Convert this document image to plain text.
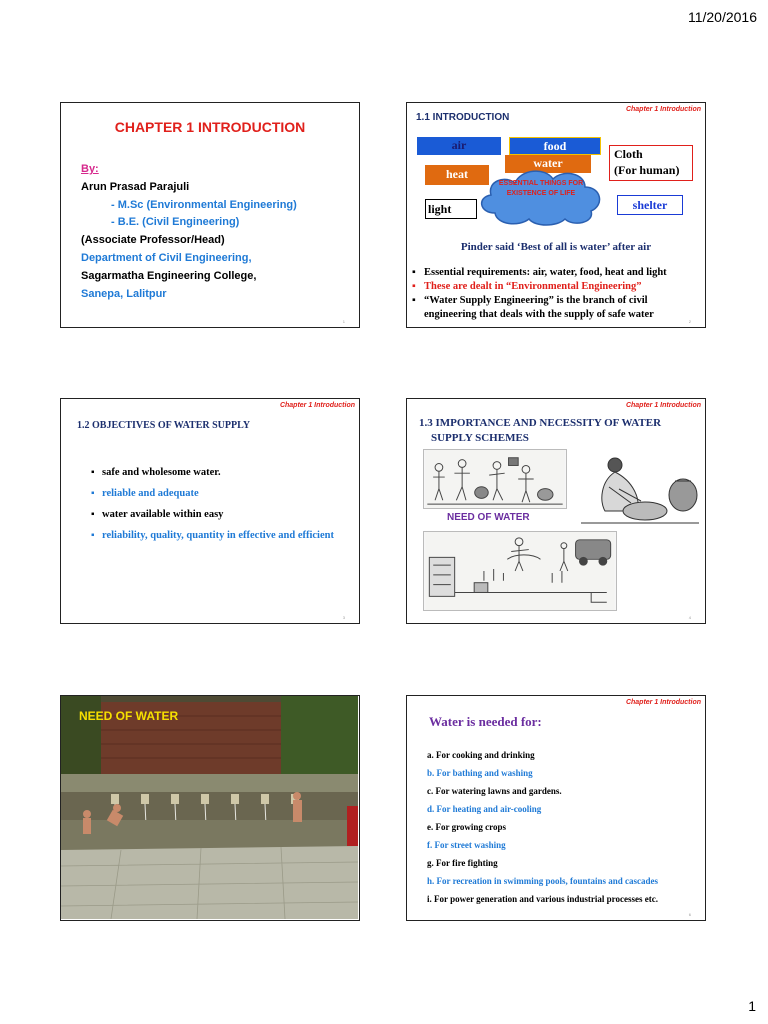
11/20/2016
CHAPTER 1 INTRODUCTION
By:
Arun Prasad Parajuli
- M.Sc (Environmental Engineering)
- B.E. (Civil Engineering)
(Associate Professor/Head)
Department of Civil Engineering,
Sagarmatha Engineering College,
Sanepa, Lalitpur
1
Chapter 1 Introduction
1.1 INTRODUCTION
air
water
food
heat
Cloth
(For human)
light	shelter
ESSENTIAL THINGS FOR EXISTENCE OF LIFE
Pinder said ‘Best of all is water’ after air
▪ Essential requirements: air, water, food, heat and light
▪ These are dealt in “Environmental Engineering”
▪ “Water Supply Engineering” is the branch of civil engineering that deals with the supply of safe water
2
Chapter 1 Introduction
1.2 OBJECTIVES OF WATER SUPPLY
▪ safe and wholesome water.
▪ reliable and adequate
▪ water available within easy
▪ reliability, quality, quantity in effective and efficient
3
Chapter 1 Introduction
1.3 IMPORTANCE AND NECESSITY OF WATER
SUPPLY SCHEMES
NEED OF WATER
4
NEED OF WATER
Chapter 1 Introduction
Water is needed for:
a. For cooking and drinking
b. For bathing and washing
c. For watering lawns and gardens.
d. For heating and air-cooling
e. For growing crops
f. For street washing
g. For fire fighting
h. For recreation in swimming pools, fountains and cascades
i. For power generation and various industrial processes etc.
6
1
